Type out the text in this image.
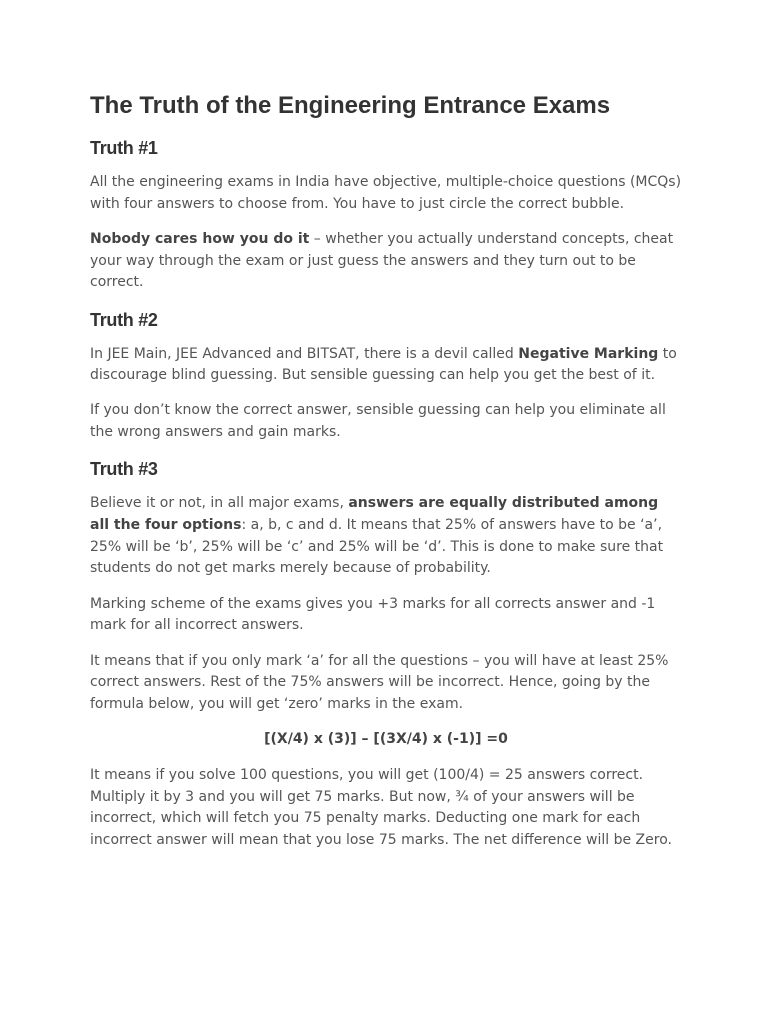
The Truth of the Engineering Entrance Exams
Truth #1

All the engineering exams in India have objective, multiple-choice questions (MCQs) with four answers to choose from. You have to just circle the correct bubble.

Nobody cares how you do it – whether you actually understand concepts, cheat your way through the exam or just guess the answers and they turn out to be correct.

Truth #2

In JEE Main, JEE Advanced and BITSAT, there is a devil called Negative Marking to discourage blind guessing. But sensible guessing can help you get the best of it.

If you don’t know the correct answer, sensible guessing can help you eliminate all the wrong answers and gain marks.

Truth #3

Believe it or not, in all major exams, answers are equally distributed among all the four options: a, b, c and d. It means that 25% of answers have to be ‘a’, 25% will be ‘b’, 25% will be ‘c’ and 25% will be ‘d’. This is done to make sure that students do not get marks merely because of probability.

Marking scheme of the exams gives you +3 marks for all corrects answer and -1 mark for all incorrect answers.

It means that if you only mark ‘a’ for all the questions – you will have at least 25% correct answers. Rest of the 75% answers will be incorrect. Hence, going by the formula below, you will get ‘zero’ marks in the exam.

[(X/4) x (3)] – [(3X/4) x (-1)] =0

It means if you solve 100 questions, you will get (100/4) = 25 answers correct. Multiply it by 3 and you will get 75 marks. But now, ¾ of your answers will be incorrect, which will fetch you 75 penalty marks. Deducting one mark for each incorrect answer will mean that you lose 75 marks. The net difference will be Zero.
